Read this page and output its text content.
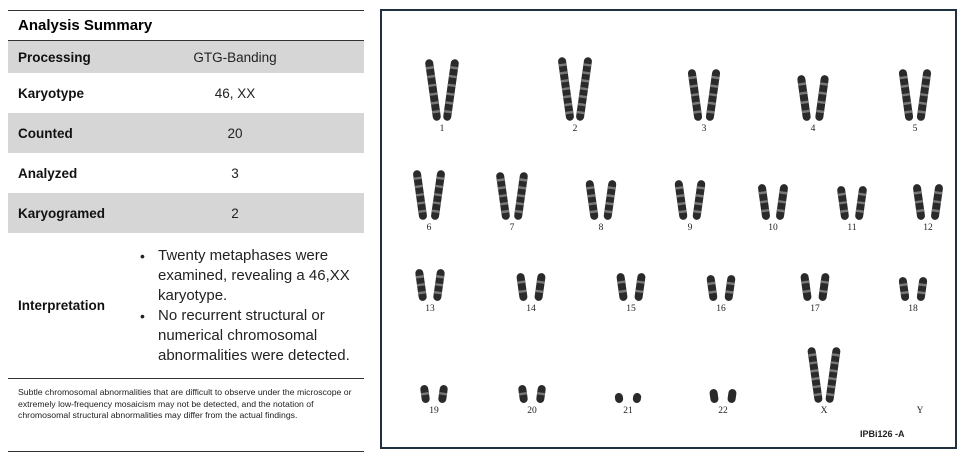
Analysis Summary
Processing	GTG-Banding
Karyotype	46, XX
Counted	20
Analyzed	3
Karyogramed	2
Interpretation
• Twenty metaphases were examined, revealing a 46,XX karyotype.
• No recurrent structural or numerical chromosomal abnormalities were detected.
Subtle chromosomal abnormalities that are difficult to observe under the microscope or extremely low-frequency mosaicism may not be detected, and the notation of chromosomal structural abnormalities may differ from the actual findings.
1	2	3	4	5
6	7	8	9	10	11	12
13	14	15	16	17	18
19	20	21	22	X	Y
IPBi126 -A
